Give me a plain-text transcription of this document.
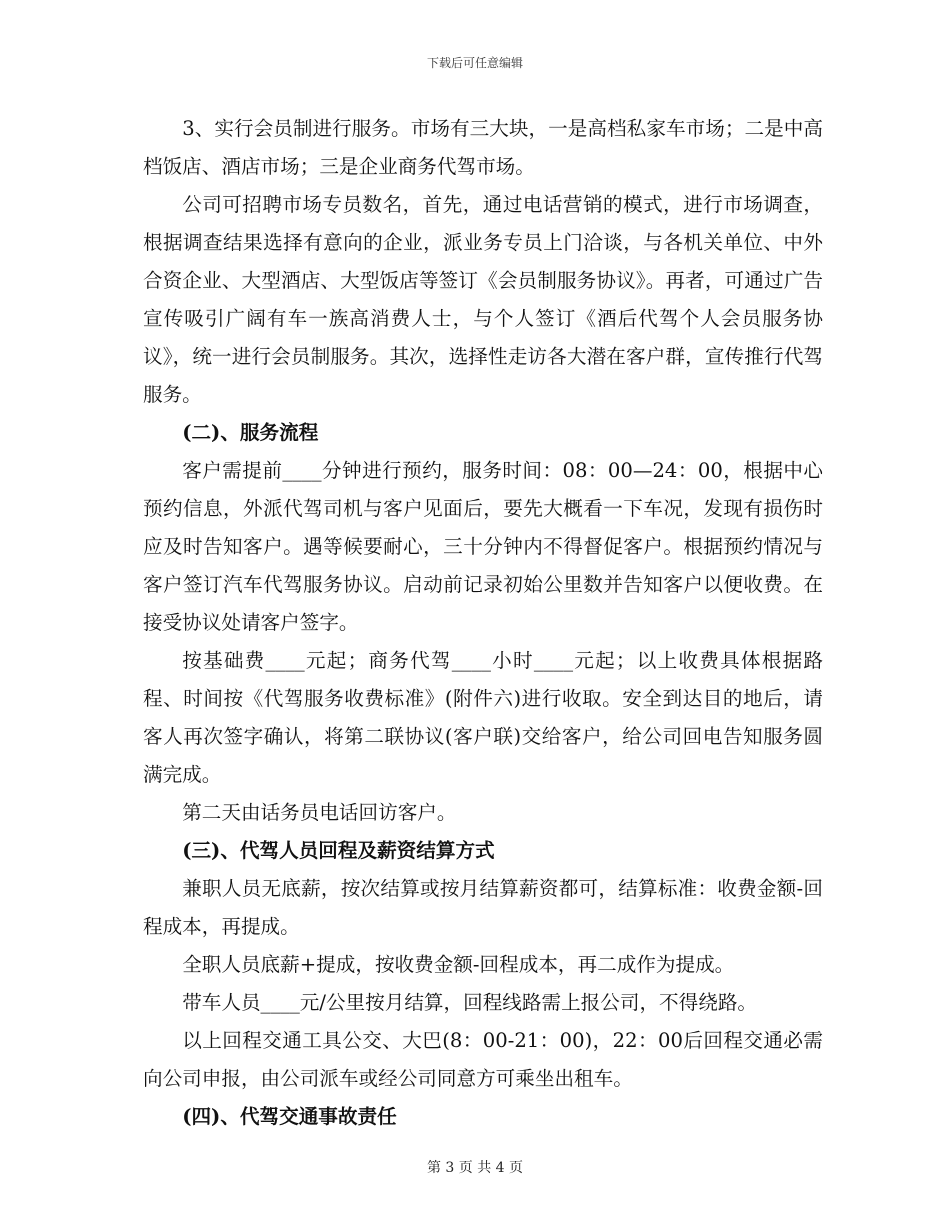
下载后可任意编辑

3、实行会员制进行服务。市场有三大块，一是高档私家车市场；二是中高档饭店、酒店市场；三是企业商务代驾市场。

公司可招聘市场专员数名，首先，通过电话营销的模式，进行市场调查，根据调查结果选择有意向的企业，派业务专员上门洽谈，与各机关单位、中外合资企业、大型酒店、大型饭店等签订《会员制服务协议》。再者，可通过广告宣传吸引广阔有车一族高消费人士，与个人签订《酒后代驾个人会员服务协议》，统一进行会员制服务。其次，选择性走访各大潜在客户群，宣传推行代驾服务。

(二)、服务流程

客户需提前____分钟进行预约，服务时间：08：00—24：00，根据中心预约信息，外派代驾司机与客户见面后，要先大概看一下车况，发现有损伤时应及时告知客户。遇等候要耐心，三十分钟内不得督促客户。根据预约情况与客户签订汽车代驾服务协议。启动前记录初始公里数并告知客户以便收费。在接受协议处请客户签字。

按基础费____元起；商务代驾____小时____元起；以上收费具体根据路程、时间按《代驾服务收费标准》(附件六)进行收取。安全到达目的地后，请客人再次签字确认，将第二联协议(客户联)交给客户，给公司回电告知服务圆满完成。

第二天由话务员电话回访客户。

(三)、代驾人员回程及薪资结算方式

兼职人员无底薪，按次结算或按月结算薪资都可，结算标准：收费金额-回程成本，再提成。

全职人员底薪+提成，按收费金额-回程成本，再二成作为提成。

带车人员____元/公里按月结算，回程线路需上报公司，不得绕路。

以上回程交通工具公交、大巴(8：00-21：00)，22：00后回程交通必需向公司申报，由公司派车或经公司同意方可乘坐出租车。

(四)、代驾交通事故责任

第 3 页 共 4 页
